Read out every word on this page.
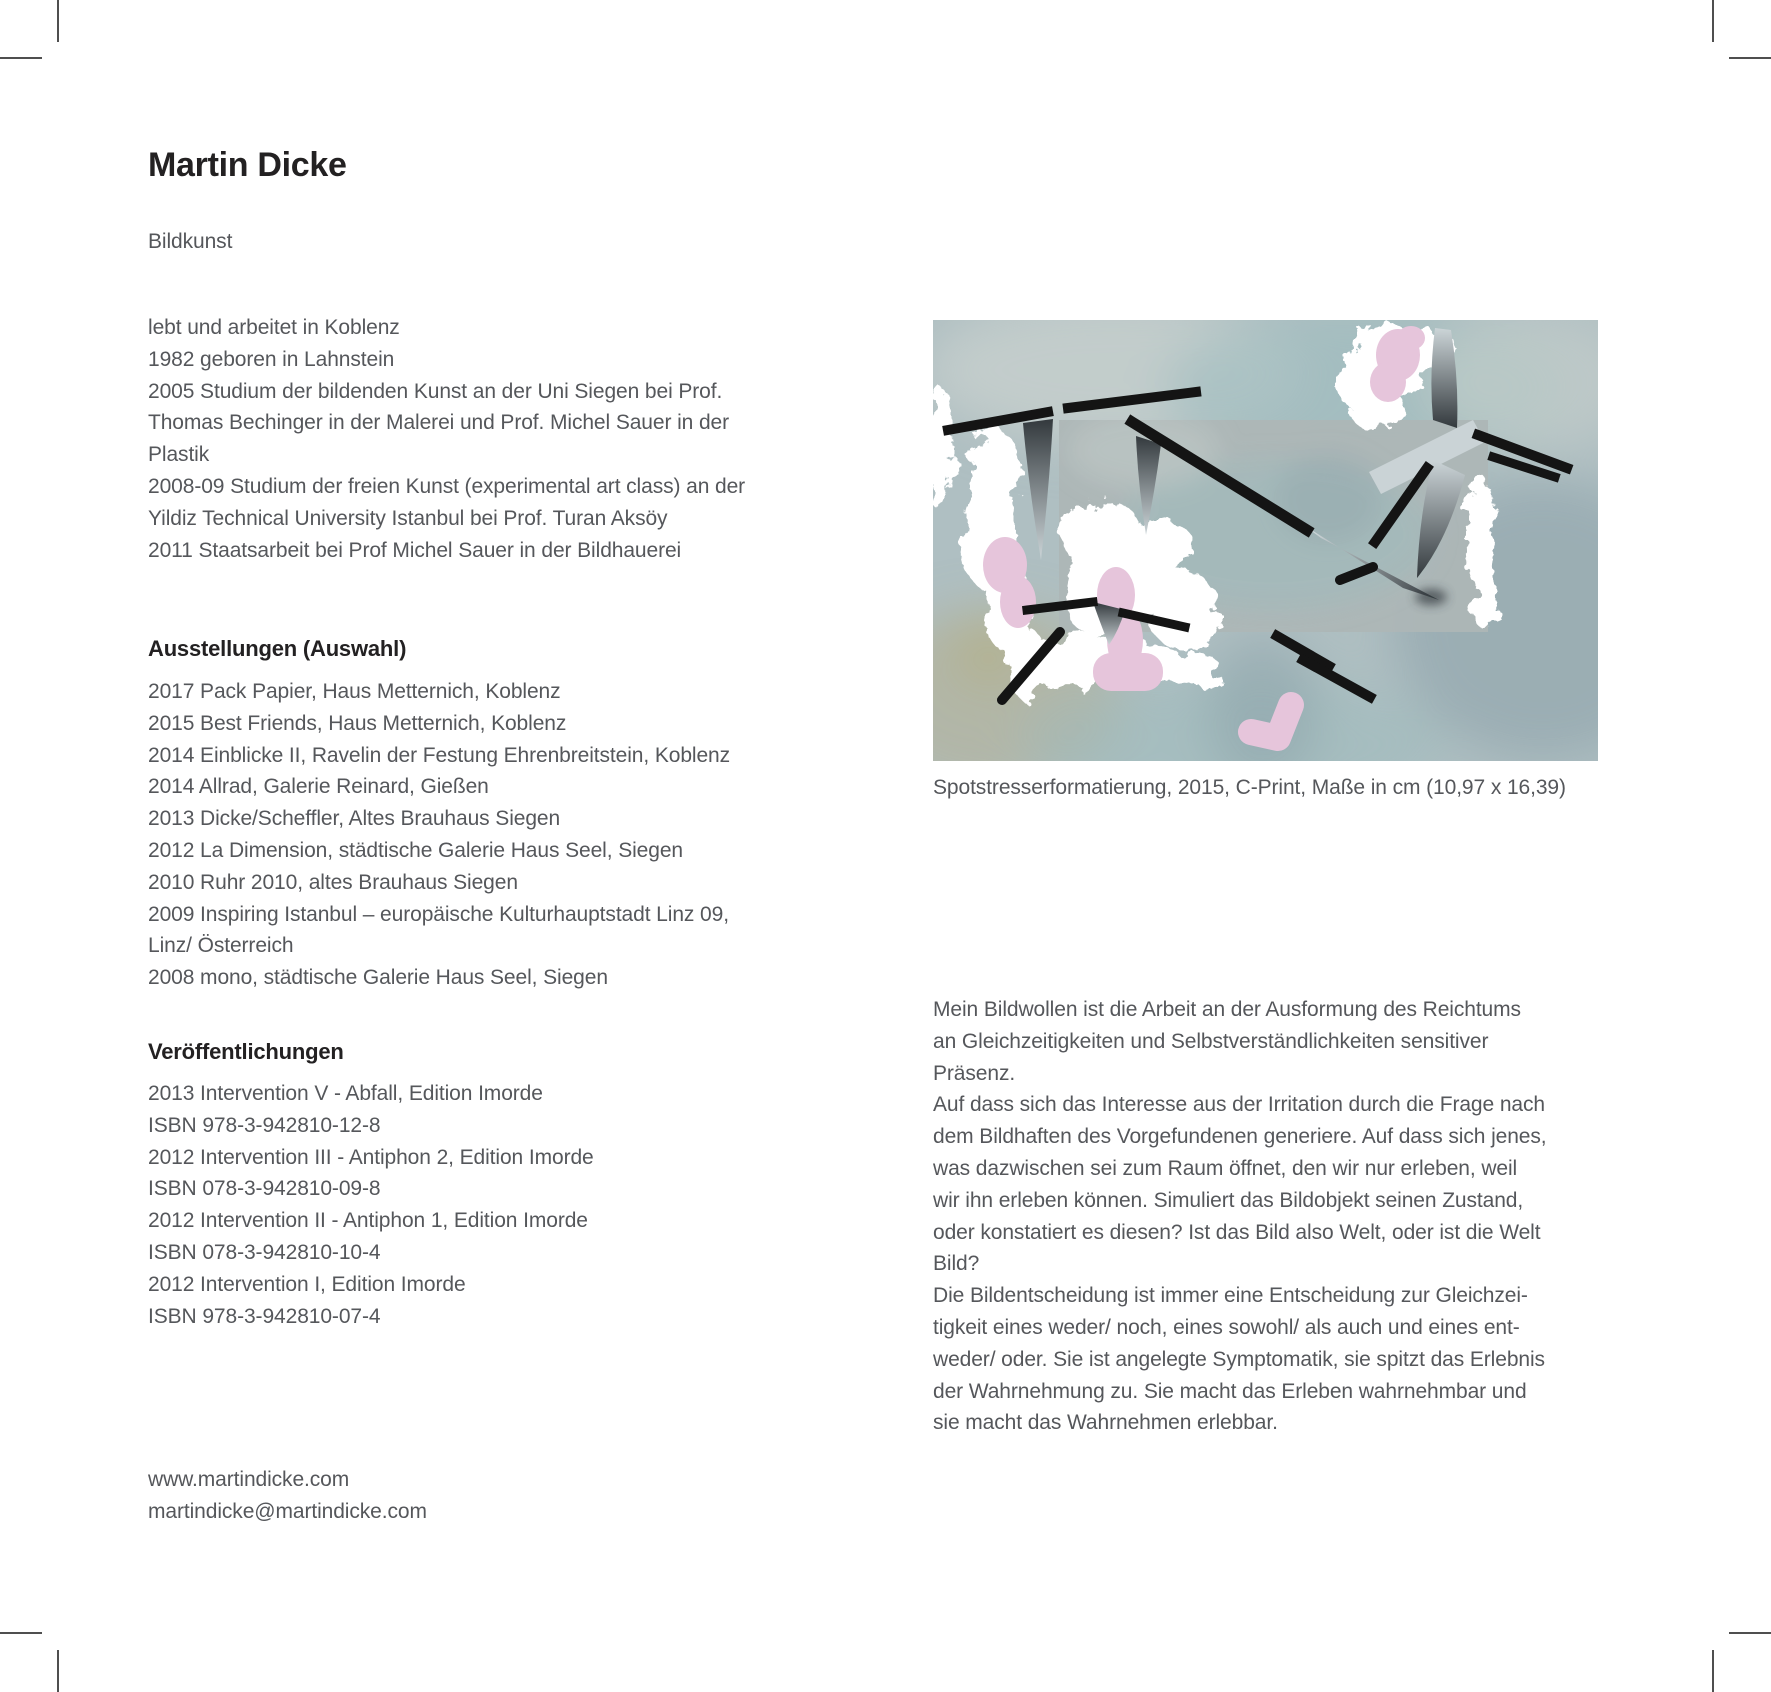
Martin Dicke
Bildkunst
lebt und arbeitet in Koblenz
1982 geboren in Lahnstein
2005 Studium der bildenden Kunst an der Uni Siegen bei Prof.
Thomas Bechinger in der Malerei und Prof. Michel Sauer in der
Plastik
2008-09 Studium der freien Kunst (experimental art class) an der
Yildiz Technical University Istanbul bei Prof. Turan Aksöy
2011 Staatsarbeit bei Prof Michel Sauer in der Bildhauerei
Ausstellungen (Auswahl)
2017 Pack Papier, Haus Metternich, Koblenz
2015 Best Friends, Haus Metternich, Koblenz
2014 Einblicke II, Ravelin der Festung Ehrenbreitstein, Koblenz
2014 Allrad, Galerie Reinard, Gießen
2013 Dicke/Scheffler, Altes Brauhaus Siegen
2012 La Dimension, städtische Galerie Haus Seel, Siegen
2010 Ruhr 2010, altes Brauhaus Siegen
2009 Inspiring Istanbul – europäische Kulturhauptstadt Linz 09,
Linz/ Österreich
2008 mono, städtische Galerie Haus Seel, Siegen
Veröffentlichungen
2013 Intervention V - Abfall, Edition Imorde
ISBN 978-3-942810-12-8
2012 Intervention III - Antiphon 2, Edition Imorde
ISBN 078-3-942810-09-8
2012 Intervention II - Antiphon 1, Edition Imorde
ISBN 078-3-942810-10-4
2012 Intervention I, Edition Imorde
ISBN 978-3-942810-07-4
www.martindicke.com
martindicke@martindicke.com
Spotstresserformatierung, 2015, C-Print, Maße in cm (10,97 x 16,39)
Mein Bildwollen ist die Arbeit an der Ausformung des Reichtums
an Gleichzeitigkeiten und Selbstverständlichkeiten sensitiver
Präsenz.
Auf dass sich das Interesse aus der Irritation durch die Frage nach
dem Bildhaften des Vorgefundenen generiere. Auf dass sich jenes,
was dazwischen sei zum Raum öffnet, den wir nur erleben, weil
wir ihn erleben können. Simuliert das Bildobjekt seinen Zustand,
oder konstatiert es diesen? Ist das Bild also Welt, oder ist die Welt
Bild?
Die Bildentscheidung ist immer eine Entscheidung zur Gleichzei-
tigkeit eines weder/ noch, eines sowohl/ als auch und eines ent-
weder/ oder. Sie ist angelegte Symptomatik, sie spitzt das Erlebnis
der Wahrnehmung zu. Sie macht das Erleben wahrnehmbar und
sie macht das Wahrnehmen erlebbar.
